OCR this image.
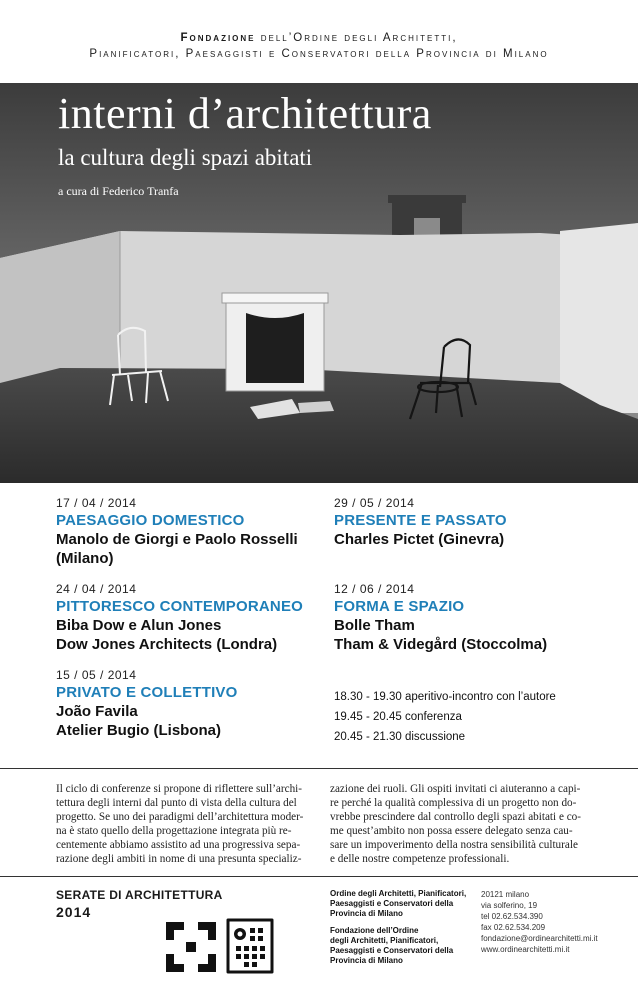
Fondazione dell’Ordine degli Architetti,
Pianificatori, Paesaggisti e Conservatori della Provincia di Milano
interni d’architettura
la cultura degli spazi abitati
a cura di Federico Tranfa
17 / 04 / 2014
PAESAGGIO DOMESTICO
Manolo de Giorgi e Paolo Rosselli
(Milano)
24 / 04 / 2014
PITTORESCO CONTEMPORANEO
Biba Dow e Alun Jones
Dow Jones Architects (Londra)
15 / 05 / 2014
PRIVATO E COLLETTIVO
João Favila
Atelier Bugio (Lisbona)
29 / 05 / 2014
PRESENTE E PASSATO
Charles Pictet (Ginevra)
12 / 06 / 2014
FORMA E SPAZIO
Bolle Tham
Tham & Videgård (Stoccolma)
18.30 - 19.30 aperitivo-incontro con l’autore
19.45 - 20.45 conferenza
20.45 - 21.30 discussione
Il ciclo di conferenze si propone di riflettere sull’archi-
tettura degli interni dal punto di vista della cultura del
progetto. Se uno dei paradigmi dell’architettura moder-
na è stato quello della progettazione integrata più re-
centemente abbiamo assistito ad una progressiva sepa-
razione degli ambiti in nome di una presunta specializ-
zazione dei ruoli. Gli ospiti invitati ci aiuteranno a capi-
re perché la qualità complessiva di un progetto non do-
vrebbe prescindere dal controllo degli spazi abitati e co-
me quest’ambito non possa essere delegato senza cau-
sare un impoverimento della nostra sensibilità culturale
e delle nostre competenze professionali.
SERATE DI ARCHITETTURA
2014
Ordine degli Architetti, Pianificatori,
Paesaggisti e Conservatori della
Provincia di Milano
Fondazione dell’Ordine
degli Architetti, Pianificatori,
Paesaggisti e Conservatori della
Provincia di Milano
20121 milano
via solferino, 19
tel 02.62.534.390
fax 02.62.534.209
fondazione@ordinearchitetti.mi.it
www.ordinearchitetti.mi.it
